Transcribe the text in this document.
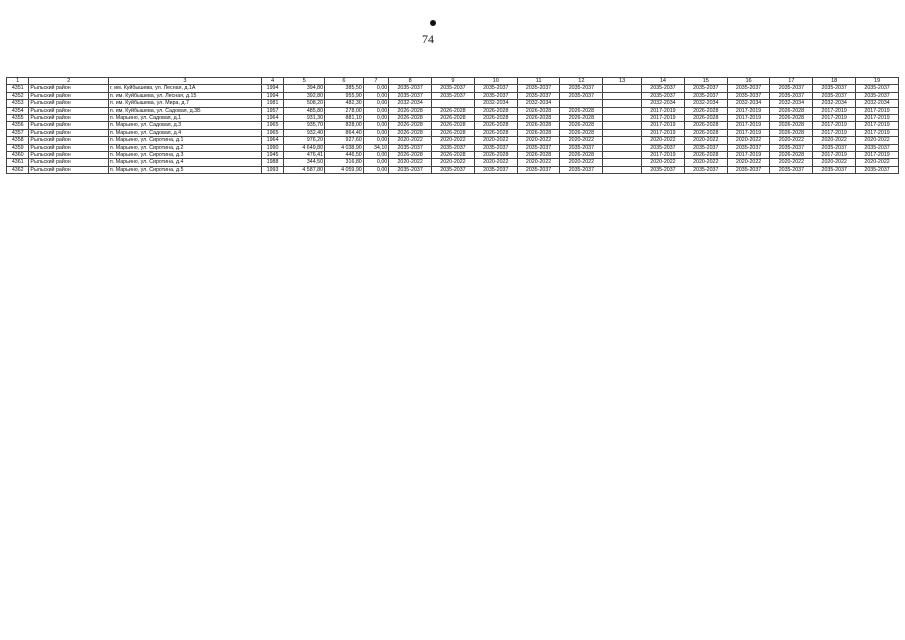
74
1	2	3	4	5	6	7	8	9	10	11	12	13	14	15	16	17	18	19
4351	Рыльский район	г. им. Куйбышева, ул. Лесная, д.1А	1994	394,80	385,50	0,00	2035-2037	2035-2037	2035-2037	2035-2037	2035-2037		2035-2037	2035-2037	2035-2037	2035-2037	2035-2037	2035-2037
4352	Рыльский район	п. им. Куйбышева, ул. Лесная, д.15	1994	392,80	955,90	0,00	2035-2037	2035-2037	2035-2037	2035-2037	2035-2037		2035-2037	2035-2037	2035-2037	2035-2037	2035-2037	2035-2037
4353	Рыльский район	п. им. Куйбышева, ул. Мира, д.7	1981	508,20	482,30	0,00	2032-2034		2032-2034	2032-2034			2032-2034	2032-2034	2032-2034	2032-2034	2032-2034	2032-2034
4354	Рыльский район	п. им. Куйбышева, ул. Садовая, д.3Б	1957	485,80	278,00	0,00	2026-2028	2026-2028	2026-2028	2026-2028	2026-2028		2017-2019	2026-2028	2017-2019	2026-2028	2017-2019	2017-2019
4355	Рыльский район	п. Марьино, ул. Садовая, д.1	1964	931,30	881,10	0,00	2026-2028	2026-2028	2026-2028	2026-2028	2026-2028		2017-2019	2026-2028	2017-2019	2026-2028	2017-2019	2017-2019
4356	Рыльский район	п. Марьино, ул. Садовая, д.3	1965	935,70	828,00	0,00	2026-2028	2026-2028	2026-2028	2026-2028	2026-2028		2017-2019	2026-2028	2017-2019	2026-2028	2017-2019	2017-2019
4357	Рыльский район	п. Марьино, ул. Садовая, д.4	1965	932,40	864,40	0,00	2026-2028	2026-2028	2026-2028	2026-2028	2026-2028		2017-2019	2026-2028	2017-2019	2026-2028	2017-2019	2017-2019
4358	Рыльский район	п. Марьино, ул. Сиротина, д.1	1964	976,20	927,60	0,00	2020-2022	2020-2022	2020-2022	2020-2022	2020-2022		2020-2022	2020-2022	2020-2022	2020-2022	2020-2022	2020-2022
4359	Рыльский район	п. Марьино, ул. Сиротина, д.2	1990	4 649,80	4 038,90	34,10	2035-2037	2035-2037	2035-2037	2035-2037	2035-2037		2035-2037	2035-2037	2035-2037	2035-2037	2035-2037	2035-2037
4360	Рыльский район	п. Марьино, ул. Сиротина, д.3	1945	476,41	446,50	0,00	2026-2028	2026-2028	2026-2028	2026-2028	2026-2028		2017-2019	2026-2028	2017-2019	2026-2028	2017-2019	2017-2019
4361	Рыльский район	п. Марьино, ул. Сиротина, д.4	1988	344,50	316,80	0,00	2020-2022	2020-2022	2020-2022	2020-2022	2020-2022		2020-2022	2020-2022	2020-2022	2020-2022	2020-2022	2020-2022
4362	Рыльский район	п. Марьино, ул. Сиротина, д.5	1993	4 587,80	4 059,90	0,00	2035-2037	2035-2037	2035-2037	2035-2037	2035-2037		2035-2037	2035-2037	2035-2037	2035-2037	2035-2037	2035-2037
